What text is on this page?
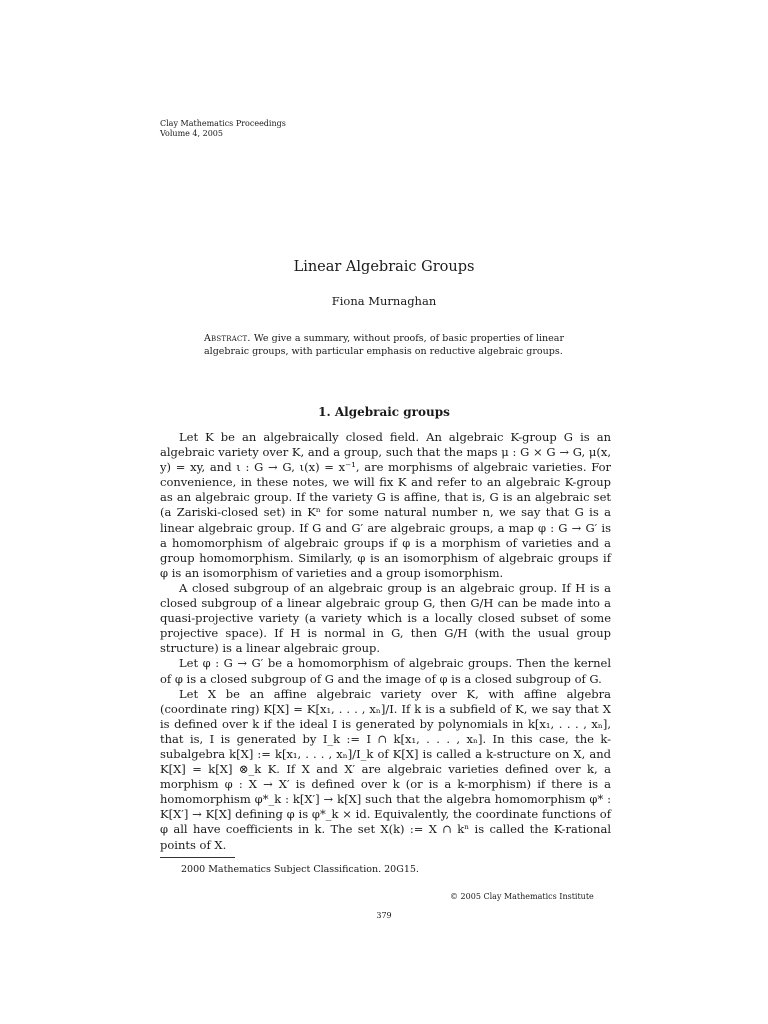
Clay Mathematics Proceedings
Volume 4, 2005
Linear Algebraic Groups
Fiona Murnaghan
Abstract. We give a summary, without proofs, of basic properties of linear algebraic groups, with particular emphasis on reductive algebraic groups.
1. Algebraic groups

Let K be an algebraically closed field. An algebraic K-group G is an algebraic variety over K, and a group, such that the maps μ : G × G → G, μ(x, y) = xy, and ι : G → G, ι(x) = x⁻¹, are morphisms of algebraic varieties. For convenience, in these notes, we will fix K and refer to an algebraic K-group as an algebraic group. If the variety G is affine, that is, G is an algebraic set (a Zariski-closed set) in Kⁿ for some natural number n, we say that G is a linear algebraic group. If G and G′ are algebraic groups, a map φ : G → G′ is a homomorphism of algebraic groups if φ is a morphism of varieties and a group homomorphism. Similarly, φ is an isomorphism of algebraic groups if φ is an isomorphism of varieties and a group isomorphism.

A closed subgroup of an algebraic group is an algebraic group. If H is a closed subgroup of a linear algebraic group G, then G/H can be made into a quasi-projective variety (a variety which is a locally closed subset of some projective space). If H is normal in G, then G/H (with the usual group structure) is a linear algebraic group.

Let φ : G → G′ be a homomorphism of algebraic groups. Then the kernel of φ is a closed subgroup of G and the image of φ is a closed subgroup of G.

Let X be an affine algebraic variety over K, with affine algebra (coordinate ring) K[X] = K[x₁, . . . , xₙ]/I. If k is a subfield of K, we say that X is defined over k if the ideal I is generated by polynomials in k[x₁, . . . , xₙ], that is, I is generated by I_k := I ∩ k[x₁, . . . , xₙ]. In this case, the k-subalgebra k[X] := k[x₁, . . . , xₙ]/I_k of K[X] is called a k-structure on X, and K[X] = k[X] ⊗_k K. If X and X′ are algebraic varieties defined over k, a morphism φ : X → X′ is defined over k (or is a k-morphism) if there is a homomorphism φ*_k : k[X′] → k[X] such that the algebra homomorphism φ* : K[X′] → K[X] defining φ is φ*_k × id. Equivalently, the coordinate functions of φ all have coefficients in k. The set X(k) := X ∩ kⁿ is called the K-rational points of X.

2000 Mathematics Subject Classification. 20G15.
© 2005 Clay Mathematics Institute
379
